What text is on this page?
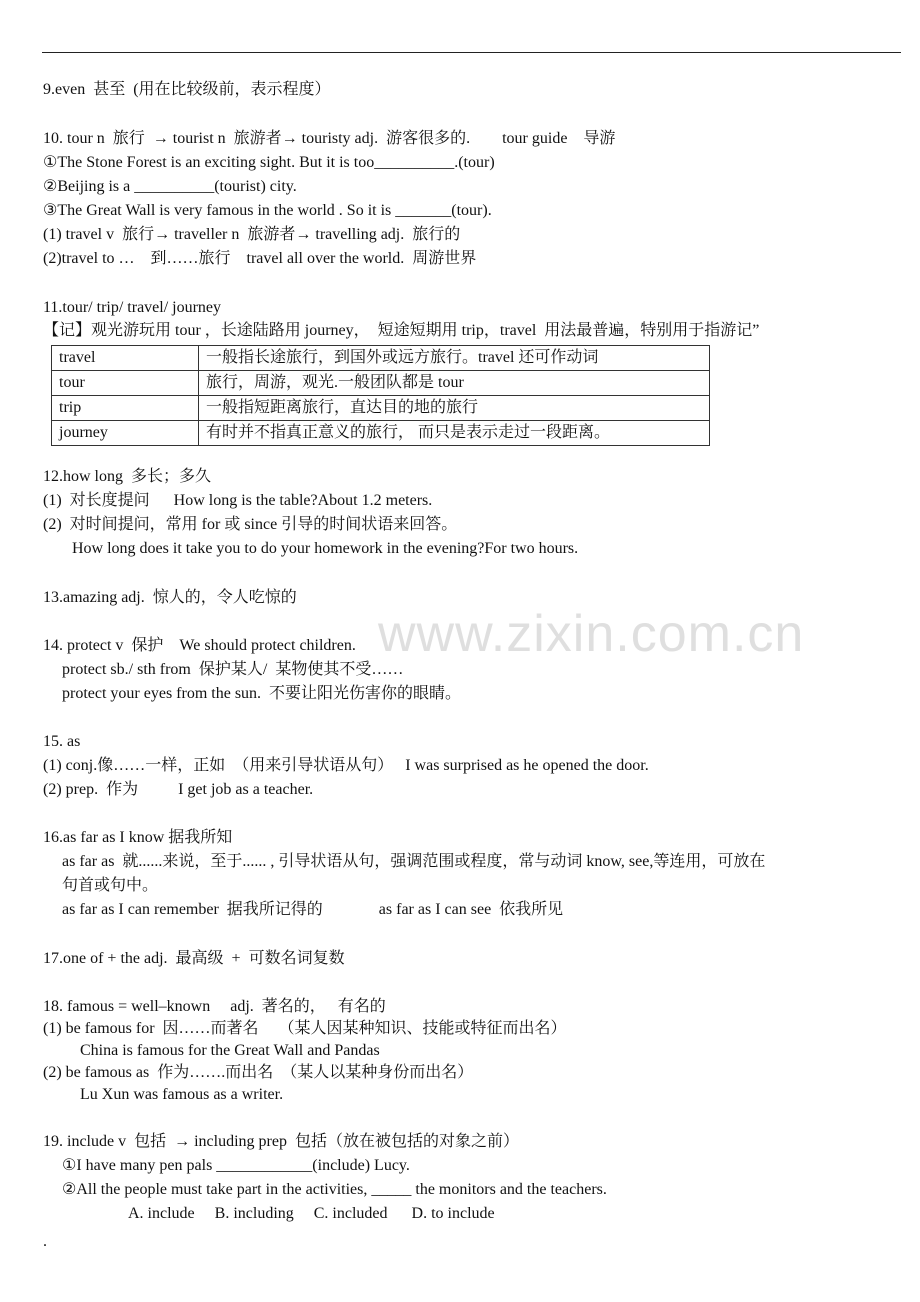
www.zixin.com.cn
9.even  甚至  (用在比较级前，表示程度）
10. tour n  旅行  → tourist n  旅游者→ touristy adj.  游客很多的.        tour guide    导游
①The Stone Forest is an exciting sight. But it is too__________.(tour)
②Beijing is a __________(tourist) city.
③The Great Wall is very famous in the world . So it is _______(tour).
(1) travel v  旅行→ traveller n  旅游者→ travelling adj.  旅行的
(2)travel to …    到……旅行    travel all over the world.  周游世界
11.tour/ trip/ travel/ journey
【记】观光游玩用 tour ，长途陆路用 journey，  短途短期用 trip，travel  用法最普遍，特别用于指游记”
travel	一般指长途旅行，到国外或远方旅行。travel 还可作动词
tour	旅行，周游，观光.一般团队都是 tour
trip	一般指短距离旅行，直达目的地的旅行
journey	有时并不指真正意义的旅行， 而只是表示走过一段距离。
12.how long  多长；多久
(1)  对长度提问      How long is the table?About 1.2 meters.
(2)  对时间提问，常用 for 或 since 引导的时间状语来回答。
How long does it take you to do your homework in the evening?For two hours.
13.amazing adj.  惊人的，令人吃惊的
14. protect v  保护    We should protect children.
protect sb./ sth from  保护某人/  某物使其不受……
protect your eyes from the sun.  不要让阳光伤害你的眼睛。
15. as
(1) conj.像……一样，正如  （用来引导状语从句）   I was surprised as he opened the door.
(2) prep.  作为          I get job as a teacher.
16.as far as I know 据我所知
as far as  就......来说，至于...... , 引导状语从句，强调范围或程度，常与动词 know, see,等连用，可放在
句首或句中。
as far as I can remember  据我所记得的              as far as I can see  依我所见
17.one of + the adj.  最高级  +  可数名词复数
18. famous = well–known     adj.  著名的，   有名的
(1) be famous for  因……而著名     （某人因某种知识、技能或特征而出名）
China is famous for the Great Wall and Pandas
(2) be famous as  作为…….而出名  （某人以某种身份而出名）
Lu Xun was famous as a writer.
19. include v  包括  → including prep  包括（放在被包括的对象之前）
①I have many pen pals ____________(include) Lucy.
②All the people must take part in the activities, _____ the monitors and the teachers.
A. include     B. including     C. included      D. to include
.
